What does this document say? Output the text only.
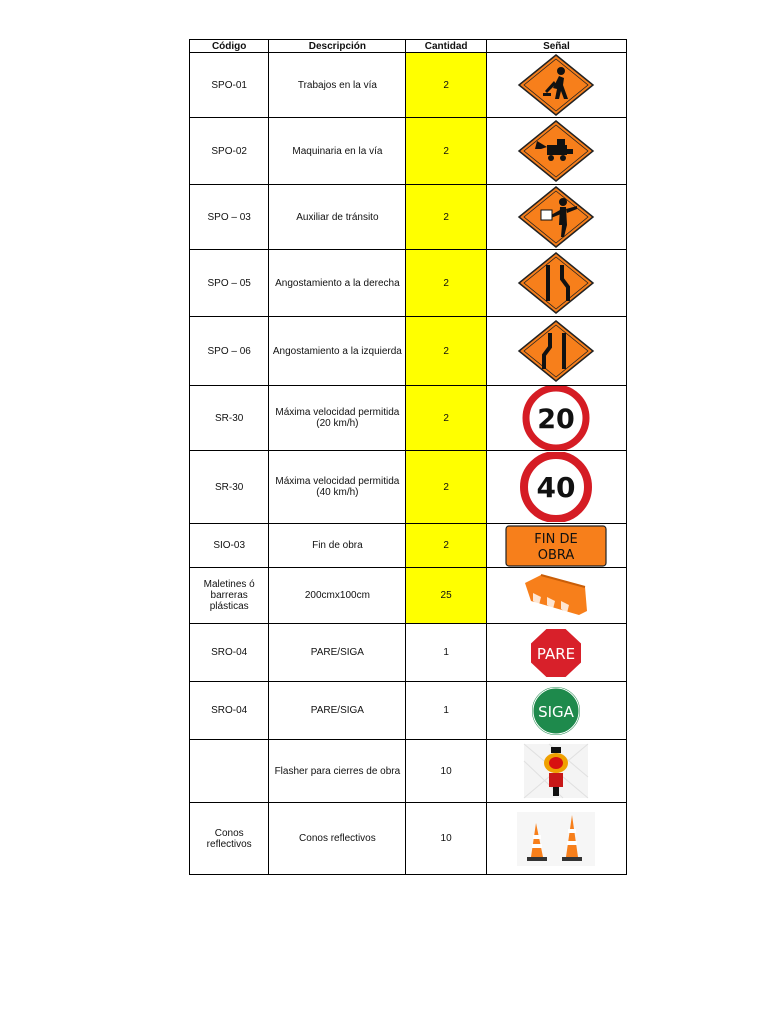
Código	Descripción	Cantidad	Señal
SPO-01	Trabajos en la vía	2	

SPO-02	Maquinaria en la vía	2	

SPO – 03	Auxiliar de tránsito	2	

SPO – 05	Angostamiento a la derecha	2	

SPO – 06	Angostamiento a la izquierda	2	

SR-30	Máxima velocidad permitida (20 km/h)	2	20

SR-30	Máxima velocidad permitida (40 km/h)	2	40

SIO-03	Fin de obra	2	FIN DE
OBRA

Maletines ó barreras plásticas	200cmx100cm	25	

SRO-04	PARE/SIGA	1	PARE

SRO-04	PARE/SIGA	1	SIGA

	Flasher para cierres de obra	10	

Conos reflectivos	Conos reflectivos	10	
